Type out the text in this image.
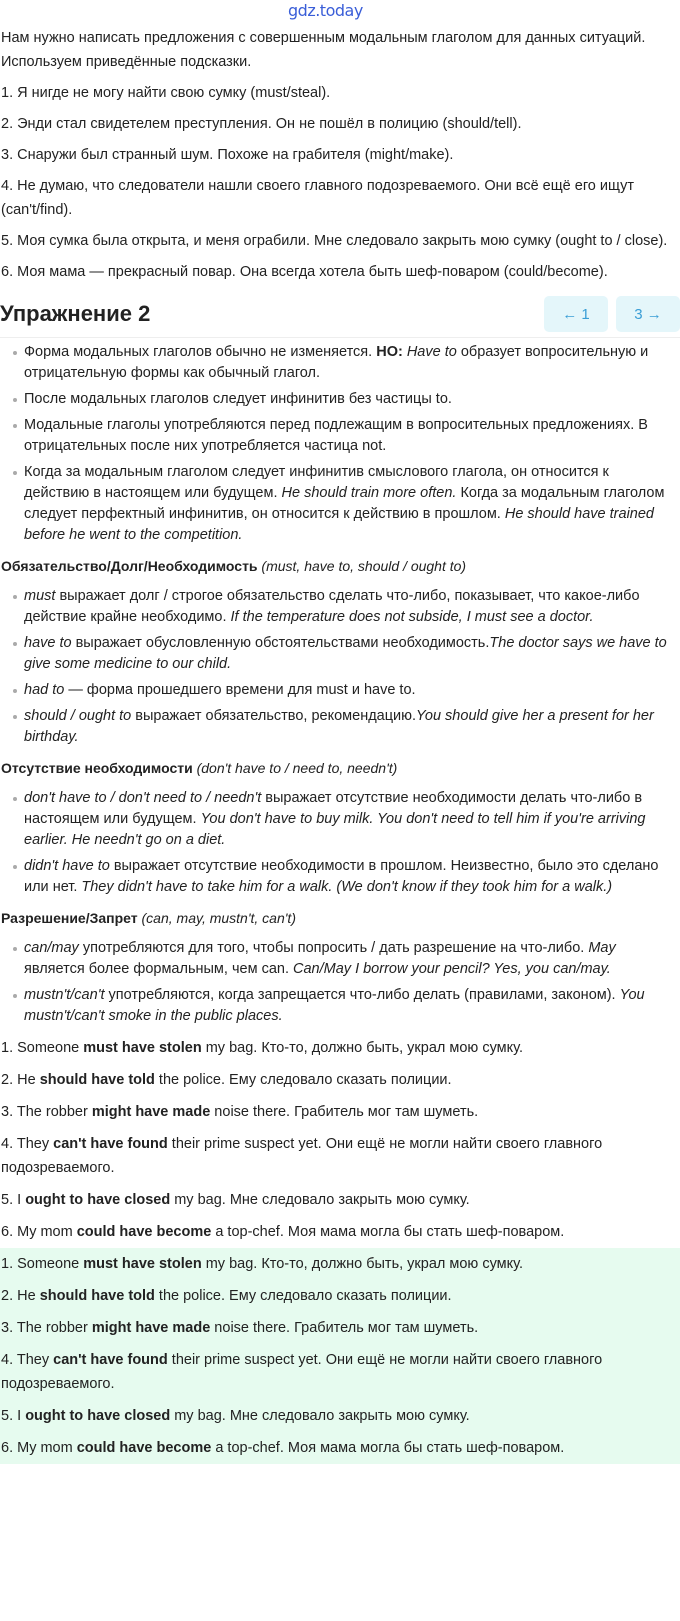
gdz.today

Нам нужно написать предложения с совершенным модальным глаголом для данных ситуаций. Используем приведённые подсказки.

1. Я нигде не могу найти свою сумку (must/steal).

2. Энди стал свидетелем преступления. Он не пошёл в полицию (should/tell).

3. Снаружи был странный шум. Похоже на грабителя (might/make).

4. Не думаю, что следователи нашли своего главного подозреваемого. Они всё ещё его ищут (can't/find).

5. Моя сумка была открыта, и меня ограбили. Мне следовало закрыть мою сумку (ought to / close).

6. Моя мама — прекрасный повар. Она всегда хотела быть шеф-поваром (could/become).

Упражнение 2	← 1	3 →
Форма модальных глаголов обычно не изменяется. НО: Have to образует вопросительную и отрицательную формы как обычный глагол.
После модальных глаголов следует инфинитив без частицы to.
Модальные глаголы употребляются перед подлежащим в вопросительных предложениях. В отрицательных после них употребляется частица not.
Когда за модальным глаголом следует инфинитив смыслового глагола, он относится к действию в настоящем или будущем. He should train more often. Когда за модальным глаголом следует перфектный инфинитив, он относится к действию в прошлом. He should have trained before he went to the competition.
Обязательство/Долг/Необходимость (must, have to, should / ought to)
must выражает долг / строгое обязательство сделать что-либо, показывает, что какое-либо действие крайне необходимо. If the temperature does not subside, I must see a doctor.
have to выражает обусловленную обстоятельствами необходимость.The doctor says we have to give some medicine to our child.
had to — форма прошедшего времени для must и have to.
should / ought to выражает обязательство, рекомендацию.You should give her a present for her birthday.
Отсутствие необходимости (don't have to / need to, needn't)
don't have to / don't need to / needn't выражает отсутствие необходимости делать что-либо в настоящем или будущем. You don't have to buy milk. You don't need to tell him if you're arriving earlier. He needn't go on a diet.
didn't have to выражает отсутствие необходимости в прошлом. Неизвестно, было это сделано или нет. They didn't have to take him for a walk. (We don't know if they took him for a walk.)
Разрешение/Запрет (can, may, mustn't, can't)
can/may употребляются для того, чтобы попросить / дать разрешение на что-либо. May является более формальным, чем can. Can/May I borrow your pencil? Yes, you can/may.
mustn't/can't употребляются, когда запрещается что-либо делать (правилами, законом). You mustn't/can't smoke in the public places.

1. Someone must have stolen my bag. Кто-то, должно быть, украл мою сумку.

2. He should have told the police. Ему следовало сказать полиции.

3. The robber might have made noise there. Грабитель мог там шуметь.

4. They can't have found their prime suspect yet. Они ещё не могли найти своего главного подозреваемого.

5. I ought to have closed my bag. Мне следовало закрыть мою сумку.

6. My mom could have become a top-chef. Моя мама могла бы стать шеф-поваром.

1. Someone must have stolen my bag. Кто-то, должно быть, украл мою сумку.

2. He should have told the police. Ему следовало сказать полиции.

3. The robber might have made noise there. Грабитель мог там шуметь.

4. They can't have found their prime suspect yet. Они ещё не могли найти своего главного подозреваемого.

5. I ought to have closed my bag. Мне следовало закрыть мою сумку.

6. My mom could have become a top-chef. Моя мама могла бы стать шеф-поваром.
